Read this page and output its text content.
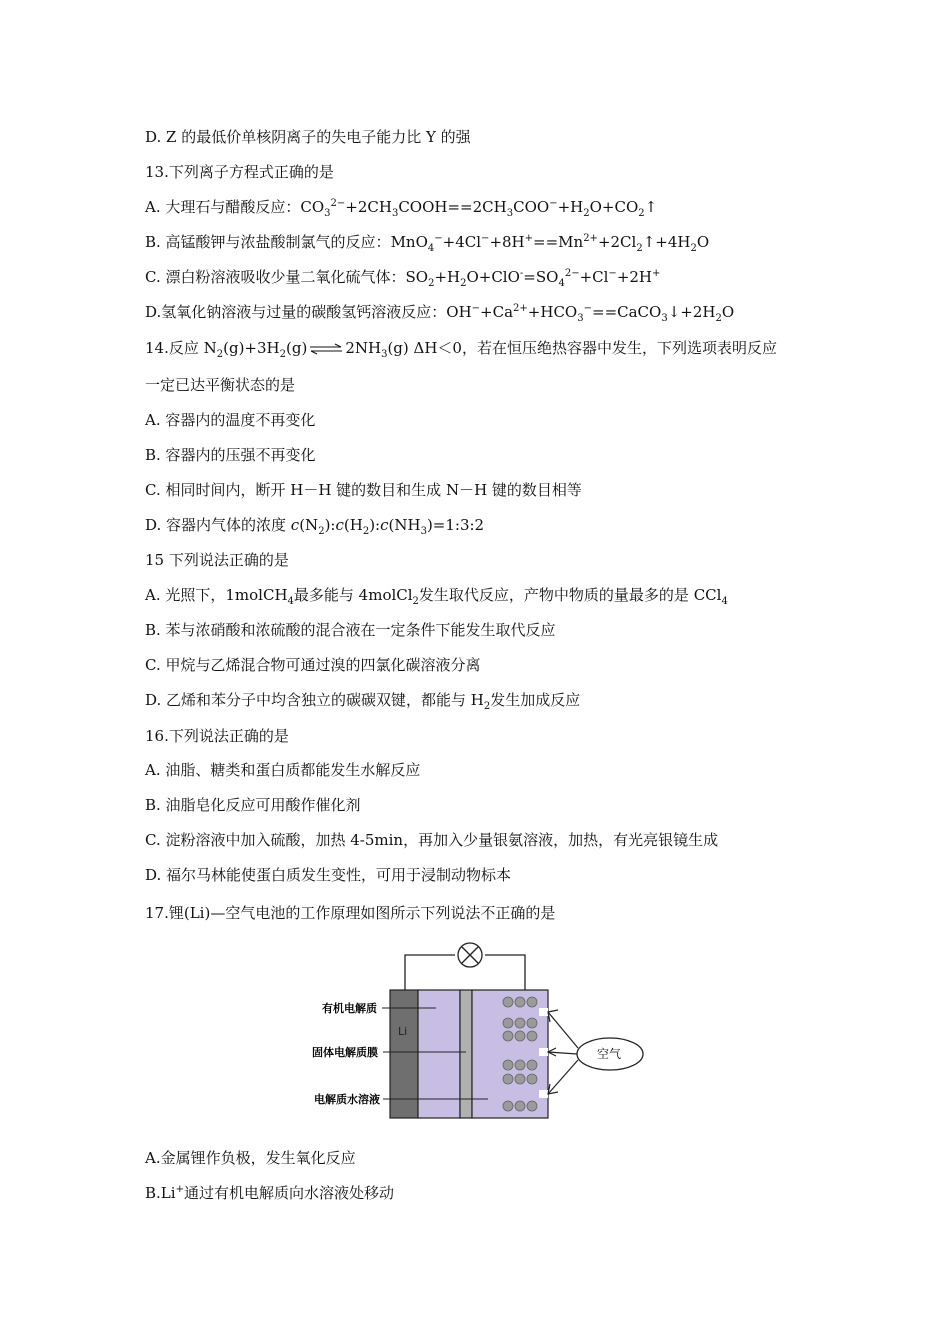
D. Z 的最低价单核阴离子的失电子能力比 Y 的强
13.下列离子方程式正确的是
A. 大理石与醋酸反应：$CO_3^{2-}+2CH_3COOH==2CH_3COO^-+H_2O+CO_2↑$
B. 高锰酸钾与浓盐酸制氯气的反应：$MnO_4^-+4Cl^-+8H^+==Mn^{2+}+2Cl_2↑+4H_2O$
C. 漂白粉溶液吸收少量二氧化硫气体：$SO_2+H_2O+ClO^-=SO_4^{2-}+Cl^-+2H^+$
D.氢氧化钠溶液与过量的碳酸氢钙溶液反应：$OH^-+Ca^{2+}+HCO_3^-==CaCO_3↓+2H_2O$
14.反应 $N_2(g)+3H_2(g)$ ⇌ $2NH_3(g)$ ΔH＜0，若在恒压绝热容器中发生，下列选项表明反应
一定已达平衡状态的是
A. 容器内的温度不再变化
B. 容器内的压强不再变化
C. 相同时间内，断开 H－H 键的数目和生成 N－H 键的数目相等
D. 容器内气体的浓度 $c(N_2):c(H_2):c(NH_3)=1:3:2$
15 下列说法正确的是
A. 光照下，1molCH$_4$最多能与 4molCl$_2$发生取代反应，产物中物质的量最多的是 CCl$_4$
B. 苯与浓硝酸和浓硫酸的混合液在一定条件下能发生取代反应
C. 甲烷与乙烯混合物可通过溴的四氯化碳溶液分离
D. 乙烯和苯分子中均含独立的碳碳双键，都能与 $H_2$发生加成反应
16.下列说法正确的是
A. 油脂、糖类和蛋白质都能发生水解反应
B. 油脂皂化反应可用酸作催化剂
C. 淀粉溶液中加入硫酸，加热 4-5min，再加入少量银氨溶液，加热，有光亮银镜生成
D. 福尔马林能使蛋白质发生变性，可用于浸制动物标本
17.锂(Li)—空气电池的工作原理如图所示下列说法不正确的是
Li
有机电解质
固体电解质膜
电解质水溶液
空气
A.金属锂作负极，发生氧化反应
B.Li+通过有机电解质向水溶液处移动
